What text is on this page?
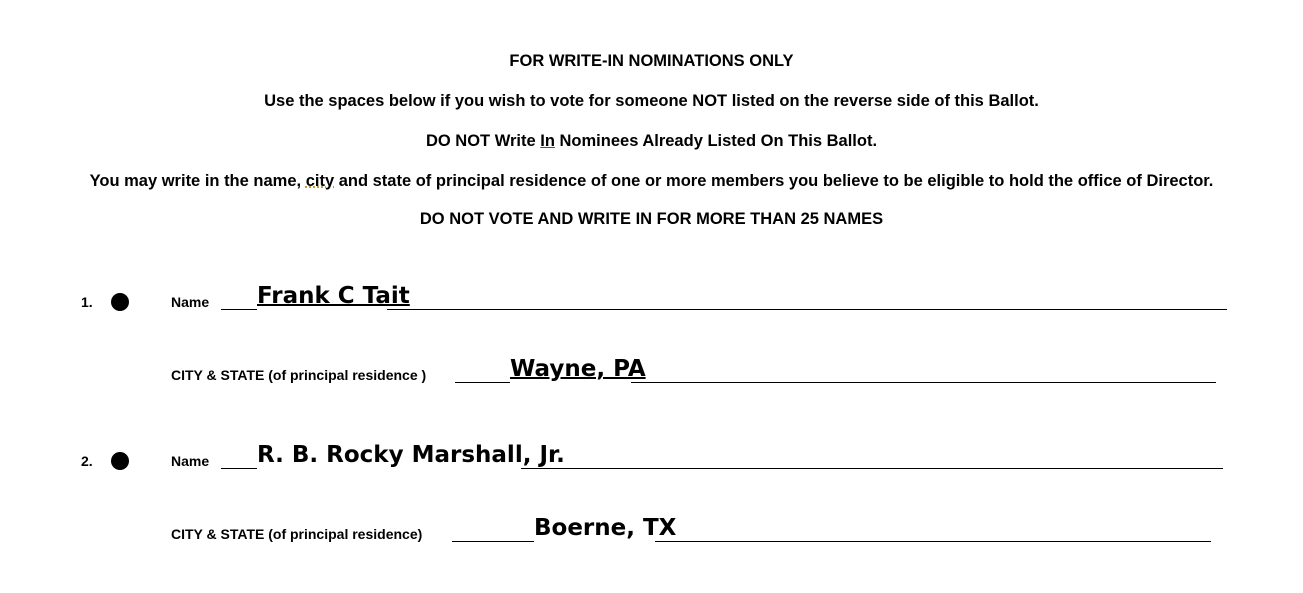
FOR WRITE-IN NOMINATIONS ONLY
Use the spaces below if you wish to vote for someone NOT listed on the reverse side of this Ballot.
DO NOT Write In Nominees Already Listed On This Ballot.
You may write in the name, city and state of principal residence of one or more members you believe to be eligible to hold the office of Director.
DO NOT VOTE AND WRITE IN FOR MORE THAN 25 NAMES
1.	Name Frank C Tait
CITY & STATE (of principal residence )	Wayne, PA
2.	Name R. B. Rocky Marshall, Jr.
CITY & STATE (of principal residence)	Boerne, TX
